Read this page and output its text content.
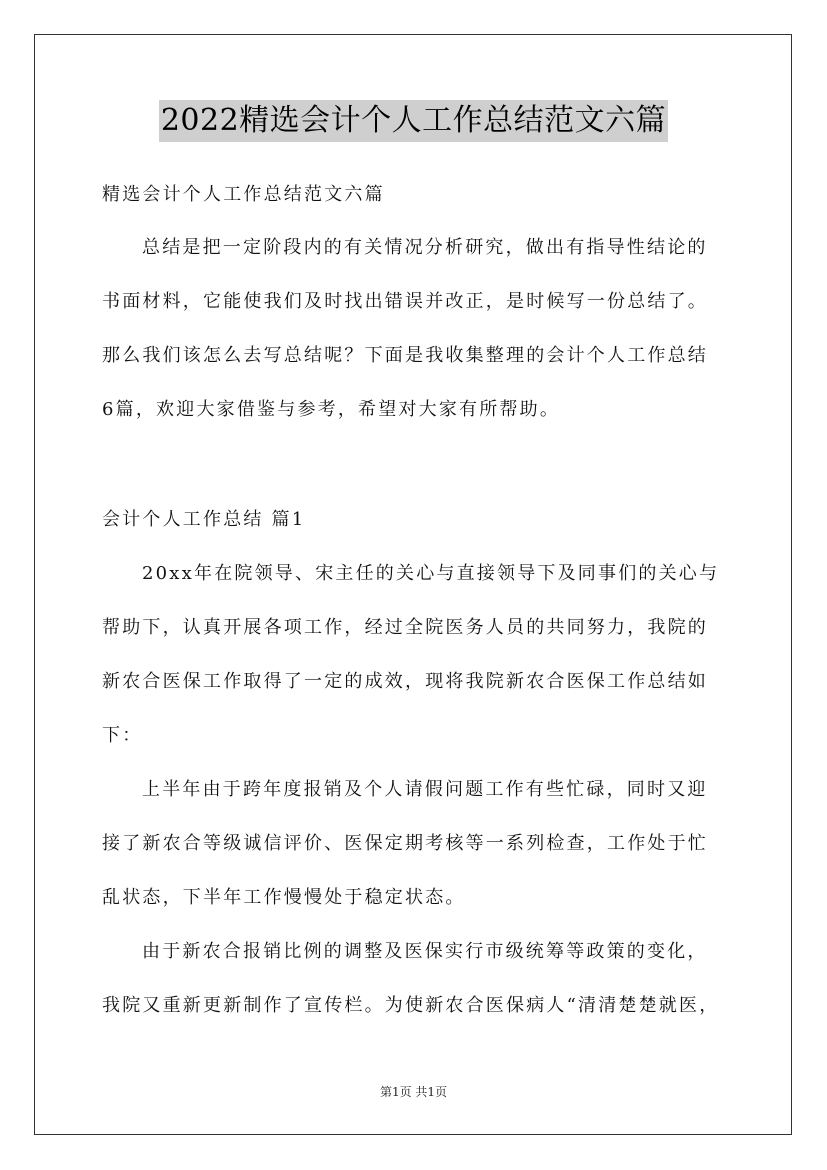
2022精选会计个人工作总结范文六篇
精选会计个人工作总结范文六篇
总结是把一定阶段内的有关情况分析研究，做出有指导性结论的
书面材料，它能使我们及时找出错误并改正，是时候写一份总结了。
那么我们该怎么去写总结呢？下面是我收集整理的会计个人工作总结
6篇，欢迎大家借鉴与参考，希望对大家有所帮助。
会计个人工作总结 篇1
20xx年在院领导、宋主任的关心与直接领导下及同事们的关心与
帮助下，认真开展各项工作，经过全院医务人员的共同努力，我院的
新农合医保工作取得了一定的成效，现将我院新农合医保工作总结如
下：
上半年由于跨年度报销及个人请假问题工作有些忙碌，同时又迎
接了新农合等级诚信评价、医保定期考核等一系列检查，工作处于忙
乱状态，下半年工作慢慢处于稳定状态。
由于新农合报销比例的调整及医保实行市级统筹等政策的变化，
我院又重新更新制作了宣传栏。为使新农合医保病人“清清楚楚就医，
第1页 共1页
